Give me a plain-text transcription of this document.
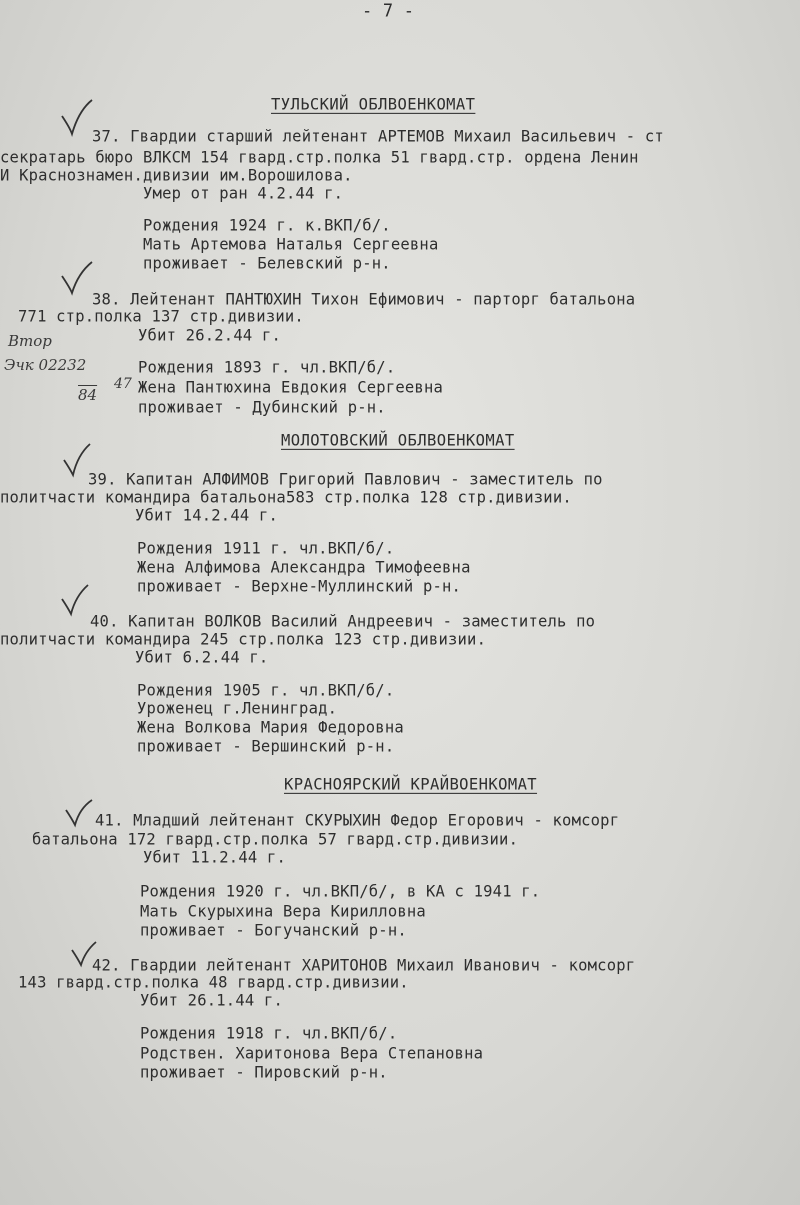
- 7 -
ТУЛЬСКИЙ ОБЛВОЕНКОМАТ
37. Гвардии старший лейтенант АРТЕМОВ Михаил Васильевич - ст
секратарь бюро ВЛКСМ 154 гвард.стр.полка 51 гвард.стр. ордена Ленин
И Краснознамен.дивизии им.Ворошилова.
Умер от ран 4.2.44 г.
Рождения 1924 г. к.ВКП/б/.
Мать Артемова Наталья Сергеевна
проживает - Белевский р-н.
38. Лейтенант ПАНТЮХИН Тихон Ефимович - парторг батальона
771 стр.полка 137 стр.дивизии.
Убит 26.2.44 г.
Рождения 1893 г. чл.ВКП/б/.
Жена Пантюхина Евдокия Сергеевна
проживает - Дубинский р-н.
Втор
Эчк 02232
84
47
МОЛОТОВСКИЙ ОБЛВОЕНКОМАТ
39. Капитан АЛФИМОВ Григорий Павлович - заместитель по
политчасти командира батальона583 стр.полка 128 стр.дивизии.
Убит 14.2.44 г.
Рождения 1911 г. чл.ВКП/б/.
Жена Алфимова Александра Тимофеевна
проживает - Верхне-Муллинский р-н.
40. Капитан ВОЛКОВ Василий Андреевич - заместитель по
политчасти командира 245 стр.полка 123 стр.дивизии.
Убит 6.2.44 г.
Рождения 1905 г. чл.ВКП/б/.
Уроженец г.Ленинград.
Жена Волкова Мария Федоровна
проживает - Вершинский р-н.
КРАСНОЯРСКИЙ КРАЙВОЕНКОМАТ
41. Младший лейтенант СКУРЫХИН Федор Егорович - комсорг
батальона 172 гвард.стр.полка 57 гвард.стр.дивизии.
Убит 11.2.44 г.
Рождения 1920 г. чл.ВКП/б/, в КА с 1941 г.
Мать Скурыхина Вера Кирилловна
проживает - Богучанский р-н.
42. Гвардии лейтенант ХАРИТОНОВ Михаил Иванович - комсорг
143 гвард.стр.полка 48 гвард.стр.дивизии.
Убит 26.1.44 г.
Рождения 1918 г. чл.ВКП/б/.
Родствен. Харитонова Вера Степановна
проживает - Пировский р-н.
